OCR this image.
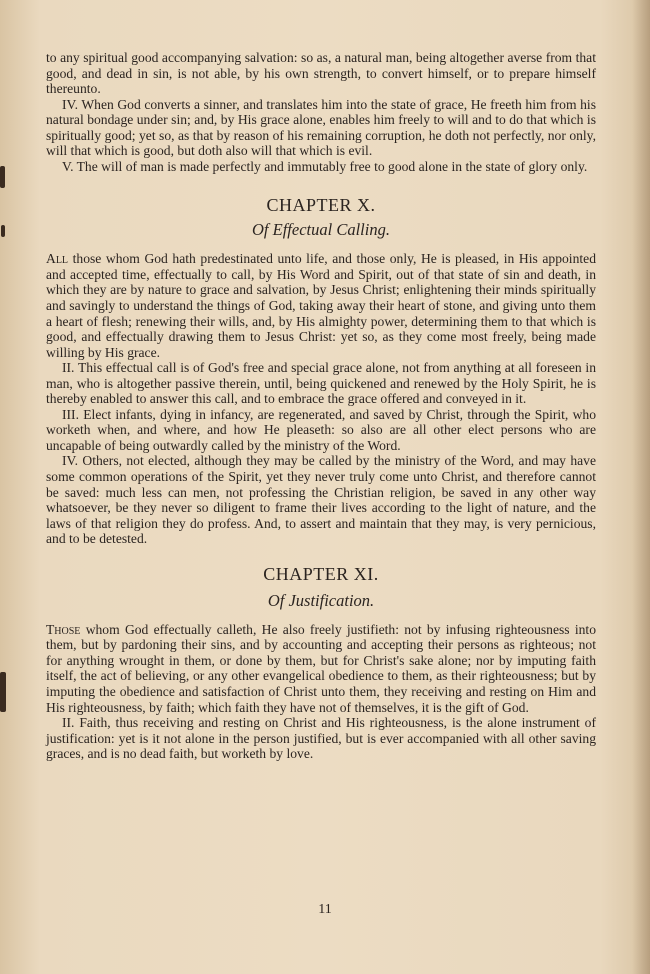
to any spiritual good accompanying salvation: so as, a natural man, being altogether averse from that good, and dead in sin, is not able, by his own strength, to convert himself, or to prepare himself thereunto.

IV. When God converts a sinner, and translates him into the state of grace, He freeth him from his natural bondage under sin; and, by His grace alone, enables him freely to will and to do that which is spiritually good; yet so, as that by reason of his remaining corruption, he doth not perfectly, nor only, will that which is good, but doth also will that which is evil.

V. The will of man is made perfectly and immutably free to good alone in the state of glory only.

CHAPTER X.
Of Effectual Calling.

All those whom God hath predestinated unto life, and those only, He is pleased, in His appointed and accepted time, effectually to call, by His Word and Spirit, out of that state of sin and death, in which they are by nature to grace and salvation, by Jesus Christ; enlightening their minds spiritually and savingly to understand the things of God, taking away their heart of stone, and giving unto them a heart of flesh; renewing their wills, and, by His almighty power, determining them to that which is good, and effectually drawing them to Jesus Christ: yet so, as they come most freely, being made willing by His grace.

II. This effectual call is of God's free and special grace alone, not from anything at all foreseen in man, who is altogether passive therein, until, being quickened and renewed by the Holy Spirit, he is thereby enabled to answer this call, and to embrace the grace offered and conveyed in it.

III. Elect infants, dying in infancy, are regenerated, and saved by Christ, through the Spirit, who worketh when, and where, and how He pleaseth: so also are all other elect persons who are uncapable of being outwardly called by the ministry of the Word.

IV. Others, not elected, although they may be called by the ministry of the Word, and may have some common operations of the Spirit, yet they never truly come unto Christ, and therefore cannot be saved: much less can men, not professing the Christian religion, be saved in any other way whatsoever, be they never so diligent to frame their lives according to the light of nature, and the laws of that religion they do profess. And, to assert and maintain that they may, is very pernicious, and to be detested.

CHAPTER XI.
Of Justification.

Those whom God effectually calleth, He also freely justifieth: not by infusing righteousness into them, but by pardoning their sins, and by accounting and accepting their persons as righteous; not for anything wrought in them, or done by them, but for Christ's sake alone; nor by imputing faith itself, the act of believing, or any other evangelical obedience to them, as their righteousness; but by imputing the obedience and satisfaction of Christ unto them, they receiving and resting on Him and His righteousness, by faith; which faith they have not of themselves, it is the gift of God.

II. Faith, thus receiving and resting on Christ and His righteousness, is the alone instrument of justification: yet is it not alone in the person justified, but is ever accompanied with all other saving graces, and is no dead faith, but worketh by love.

11
